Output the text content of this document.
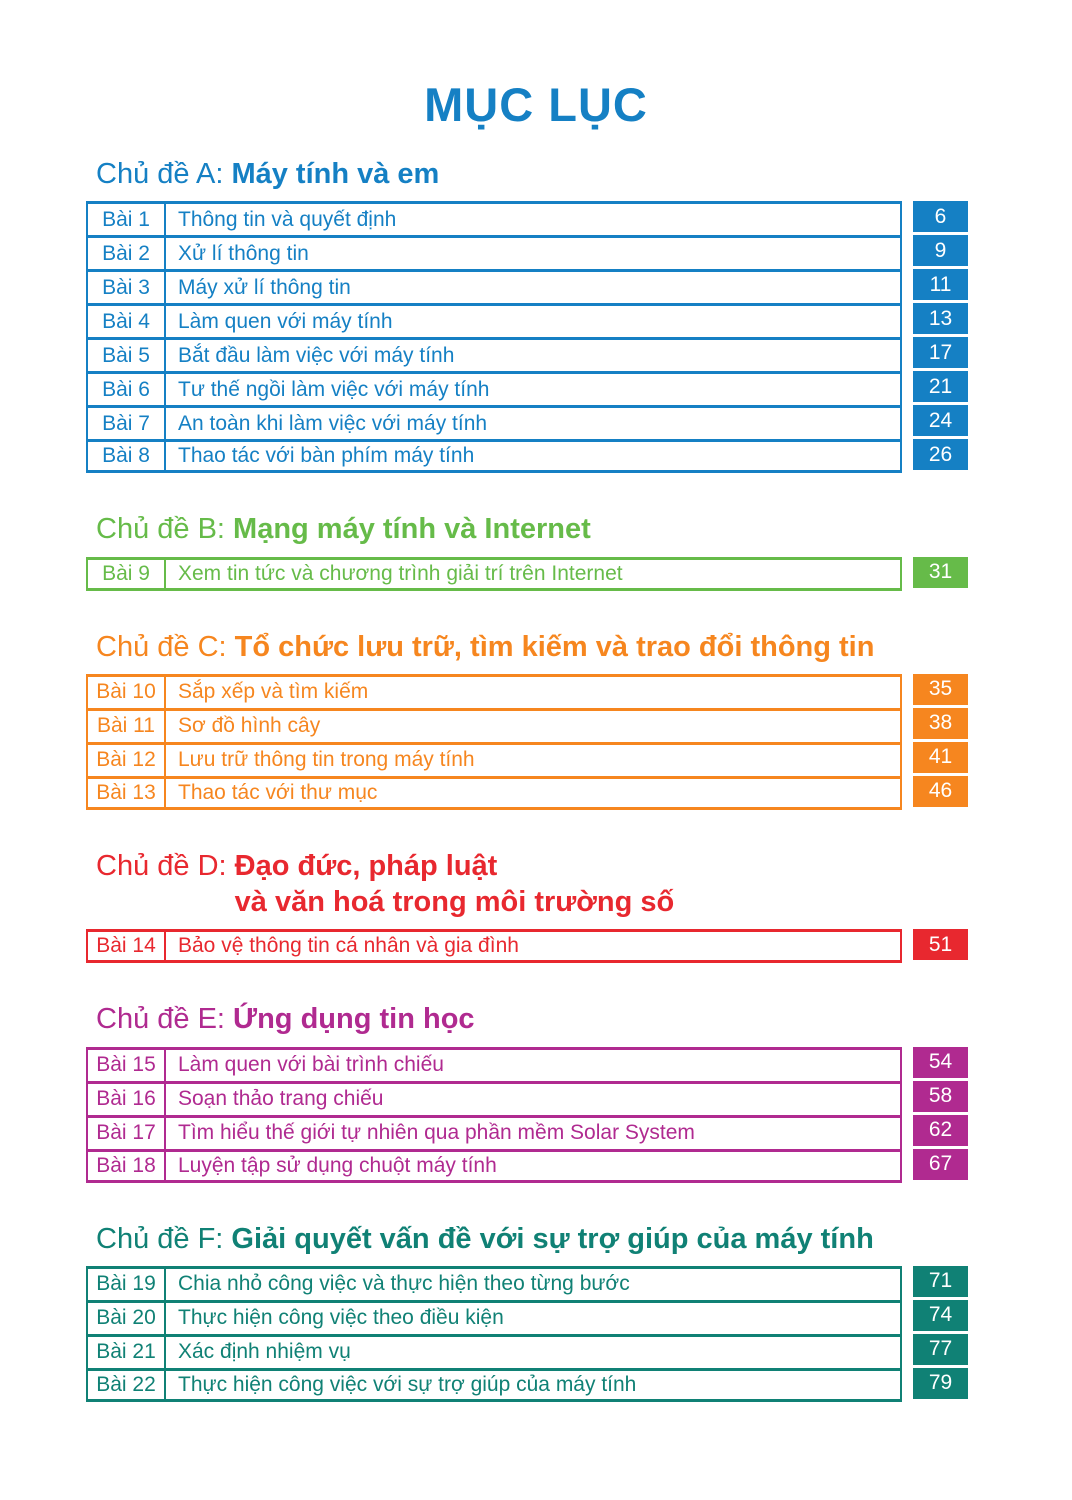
MỤC LỤC
Chủ đề A: Máy tính và em
Bài 1	Thông tin và quyết định	6
Bài 2	Xử lí thông tin	9
Bài 3	Máy xử lí thông tin	11
Bài 4	Làm quen với máy tính	13
Bài 5	Bắt đầu làm việc với máy tính	17
Bài 6	Tư thế ngồi làm việc với máy tính	21
Bài 7	An toàn khi làm việc với máy tính	24
Bài 8	Thao tác với bàn phím máy tính	26
Chủ đề B: Mạng máy tính và Internet
Bài 9	Xem tin tức và chương trình giải trí trên Internet	31
Chủ đề C: Tổ chức lưu trữ, tìm kiếm và trao đổi thông tin
Bài 10	Sắp xếp và tìm kiếm	35
Bài 11	Sơ đồ hình cây	38
Bài 12	Lưu trữ thông tin trong máy tính	41
Bài 13	Thao tác với thư mục	46
Chủ đề D: Đạo đức, pháp luật
và văn hoá trong môi trường số
Bài 14	Bảo vệ thông tin cá nhân và gia đình	51
Chủ đề E: Ứng dụng tin học
Bài 15	Làm quen với bài trình chiếu	54
Bài 16	Soạn thảo trang chiếu	58
Bài 17	Tìm hiểu thế giới tự nhiên qua phần mềm Solar System	62
Bài 18	Luyện tập sử dụng chuột máy tính	67
Chủ đề F: Giải quyết vấn đề với sự trợ giúp của máy tính
Bài 19	Chia nhỏ công việc và thực hiện theo từng bước	71
Bài 20	Thực hiện công việc theo điều kiện	74
Bài 21	Xác định nhiệm vụ	77
Bài 22	Thực hiện công việc với sự trợ giúp của máy tính	79
